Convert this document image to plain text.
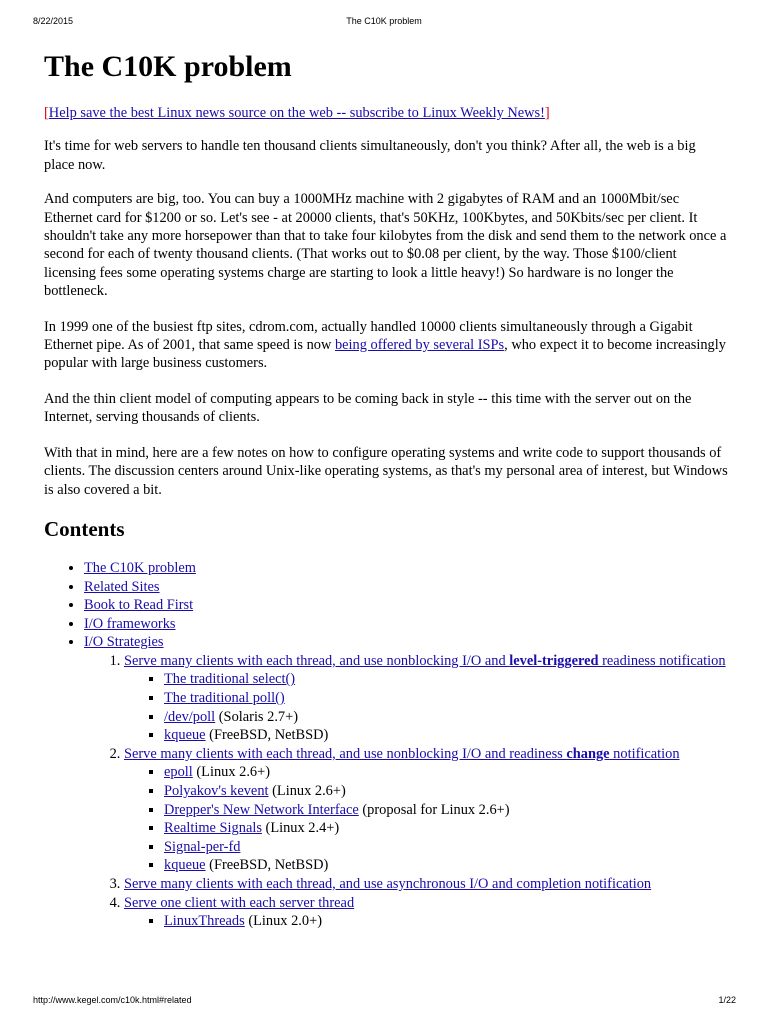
8/22/2015	The C10K problem
The C10K problem

[Help save the best Linux news source on the web -- subscribe to Linux Weekly News!]

It's time for web servers to handle ten thousand clients simultaneously, don't you think? After all, the web is a big place now.

And computers are big, too. You can buy a 1000MHz machine with 2 gigabytes of RAM and an 1000Mbit/sec Ethernet card for $1200 or so. Let's see - at 20000 clients, that's 50KHz, 100Kbytes, and 50Kbits/sec per client. It shouldn't take any more horsepower than that to take four kilobytes from the disk and send them to the network once a second for each of twenty thousand clients. (That works out to $0.08 per client, by the way. Those $100/client licensing fees some operating systems charge are starting to look a little heavy!) So hardware is no longer the bottleneck.

In 1999 one of the busiest ftp sites, cdrom.com, actually handled 10000 clients simultaneously through a Gigabit Ethernet pipe. As of 2001, that same speed is now being offered by several ISPs, who expect it to become increasingly popular with large business customers.

And the thin client model of computing appears to be coming back in style -- this time with the server out on the Internet, serving thousands of clients.

With that in mind, here are a few notes on how to configure operating systems and write code to support thousands of clients. The discussion centers around Unix-like operating systems, as that's my personal area of interest, but Windows is also covered a bit.

Contents
• The C10K problem
• Related Sites
• Book to Read First
• I/O frameworks
• I/O Strategies
1. Serve many clients with each thread, and use nonblocking I/O and level-triggered readiness notification
▪ The traditional select()
▪ The traditional poll()
▪ /dev/poll (Solaris 2.7+)
▪ kqueue (FreeBSD, NetBSD)
2. Serve many clients with each thread, and use nonblocking I/O and readiness change notification
▪ epoll (Linux 2.6+)
▪ Polyakov's kevent (Linux 2.6+)
▪ Drepper's New Network Interface (proposal for Linux 2.6+)
▪ Realtime Signals (Linux 2.4+)
▪ Signal-per-fd
▪ kqueue (FreeBSD, NetBSD)
3. Serve many clients with each thread, and use asynchronous I/O and completion notification
4. Serve one client with each server thread
▪ LinuxThreads (Linux 2.0+)
http://www.kegel.com/c10k.html#related	1/22
